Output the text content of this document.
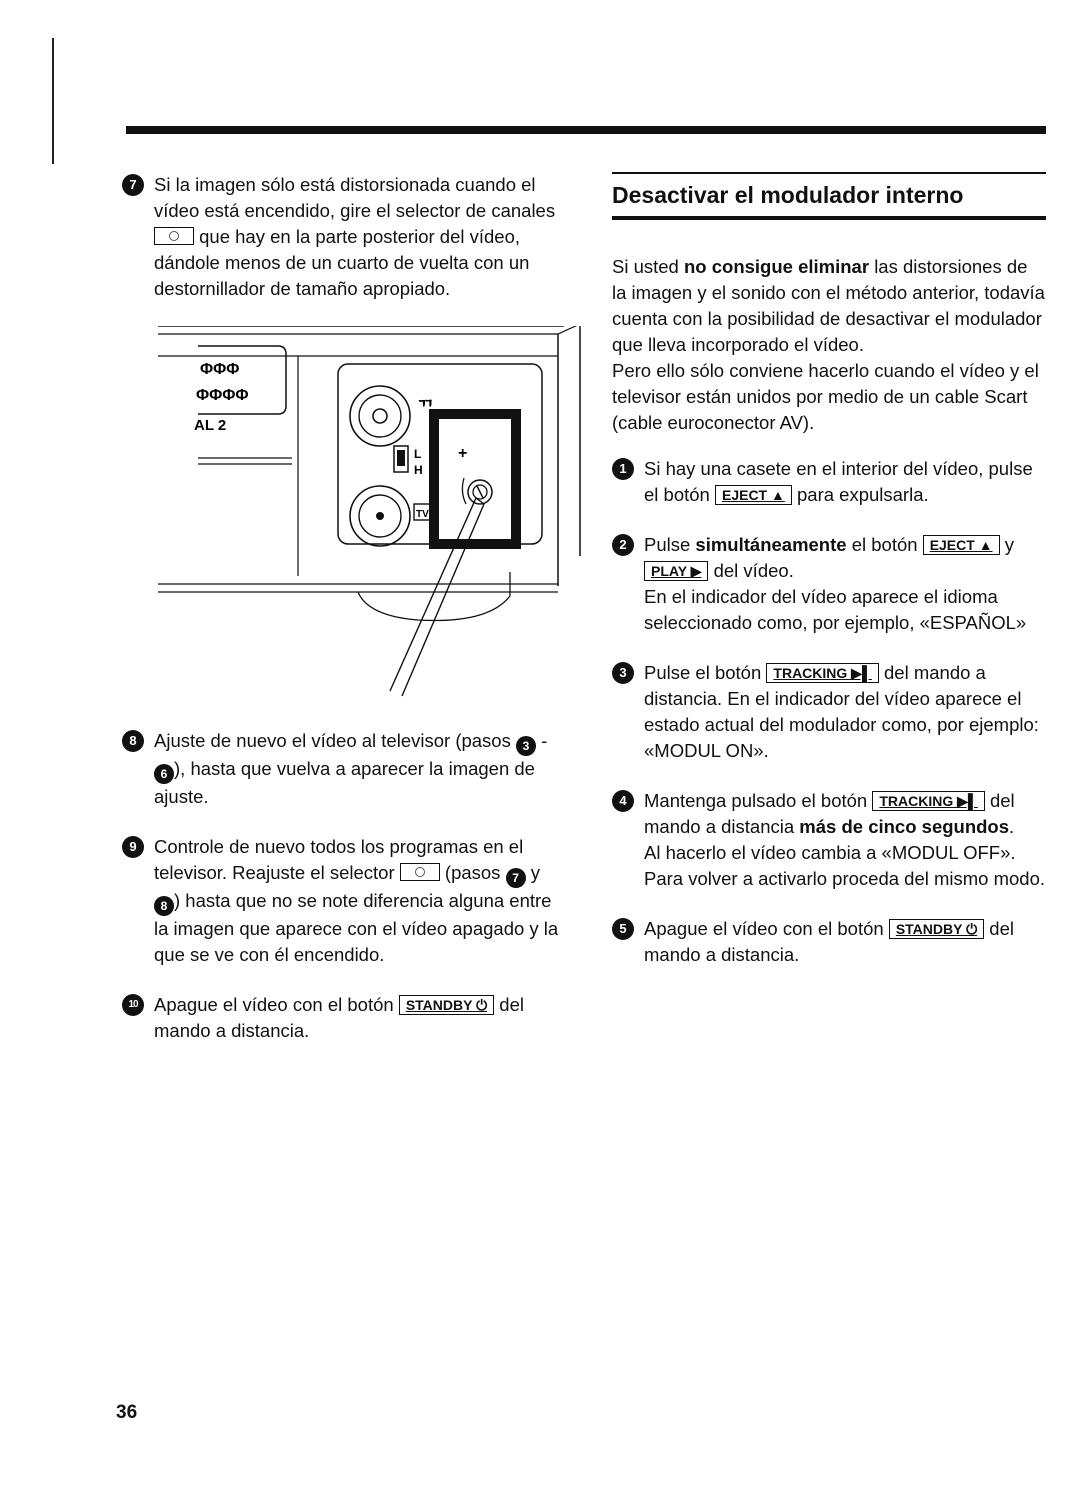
7 Si la imagen sólo está distorsionada cuando el vídeo está encendido, gire el selector de canales  que hay en la parte posterior del vídeo, dándole menos de un cuarto de vuelta con un destornillador de tamaño apropiado.
ΦΦΦ
ΦΦΦΦ
AL 2
ᆩ
L
H
TV
+
8 Ajuste de nuevo el vídeo al televisor (pasos 3 - 6 ), hasta que vuelva a aparecer la imagen de ajuste.
9 Controle de nuevo todos los programas en el televisor. Reajuste el selector	(pasos 7 y 8 ) hasta que no se note diferencia alguna entre la imagen que aparece con el vídeo apagado y la que se ve con él encendido.
10 Apague el vídeo con el botón STANDBY ⏻ del mando a distancia.
Desactivar el modulador interno

Si usted no consigue eliminar las distorsiones de la imagen y el sonido con el método anterior, todavía cuenta con la posibilidad de desactivar el modulador que lleva incorporado el vídeo.

Pero ello sólo conviene hacerlo cuando el vídeo y el televisor están unidos por medio de un cable Scart (cable euroconector AV).

1 Si hay una casete en el interior del vídeo, pulse el botón EJECT ▲ para expulsarla.
2 Pulse simultáneamente el botón EJECT ▲ y PLAY ▶ del vídeo.

En el indicador del vídeo aparece el idioma seleccionado como, por ejemplo, «ESPAÑOL»

3 Pulse el botón TRACKING ▶▌ del mando a distancia. En el indicador del vídeo aparece el estado actual del modulador como, por ejemplo: «MODUL ON».
4 Mantenga pulsado el botón TRACKING ▶▌ del mando a distancia más de cinco segundos.

Al hacerlo el vídeo cambia a «MODUL OFF». Para volver a activarlo proceda del mismo modo.

5 Apague el vídeo con el botón STANDBY ⏻ del mando a distancia.
36
